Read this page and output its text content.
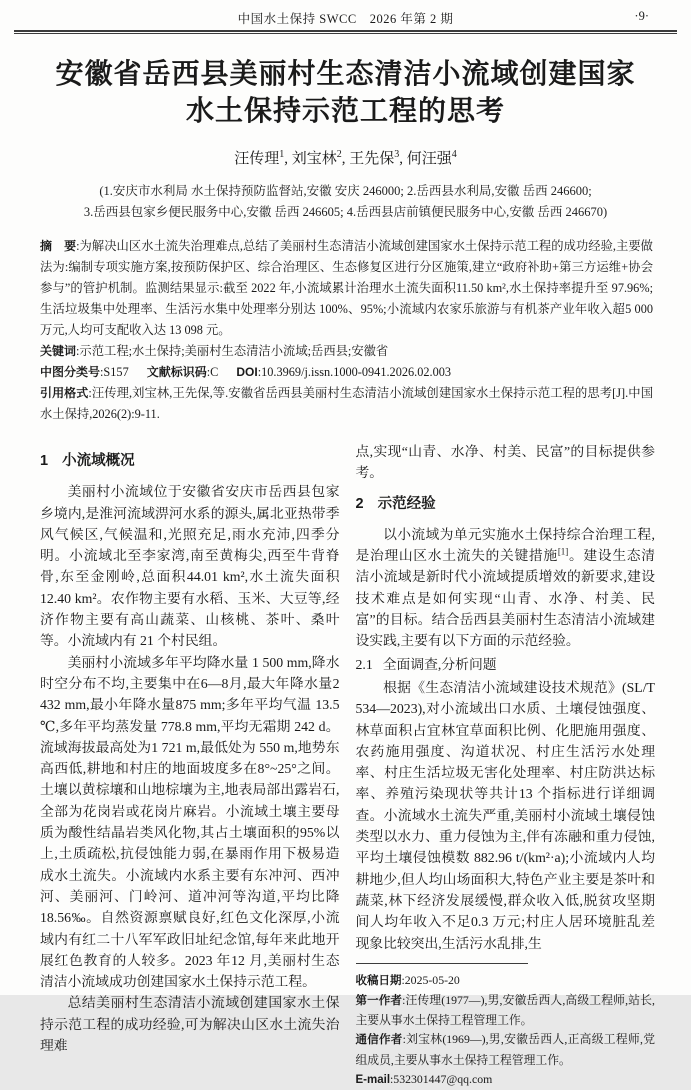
中国水土保持 SWCC　2026 年第 2 期	·9·
安徽省岳西县美丽村生态清洁小流域创建国家
水土保持示范工程的思考
汪传理$^1$, 刘宝林$^2$, 王先保$^3$, 何汪强$^4$
(1.安庆市水利局 水土保持预防监督站,安徽 安庆 246000; 2.岳西县水利局,安徽 岳西 246600;
3.岳西县包家乡便民服务中心,安徽 岳西 246605; 4.岳西县店前镇便民服务中心,安徽 岳西 246670)
摘　要:为解决山区水土流失治理难点,总结了美丽村生态清洁小流域创建国家水土保持示范工程的成功经验,主要做法为:编制专项实施方案,按预防保护区、综合治理区、生态修复区进行分区施策,建立“政府补助+第三方运维+协会参与”的管护机制。监测结果显示:截至 2022 年,小流域累计治理水土流失面积11.50 km²,水土保持率提升至 97.96%;生活垃圾集中处理率、生活污水集中处理率分别达 100%、95%;小流域内农家乐旅游与有机茶产业年收入超5 000 万元,人均可支配收入达 13 098 元。
关键词:示范工程;水土保持;美丽村生态清洁小流域;岳西县;安徽省
中图分类号:S157 文献标识码:C DOI:10.3969/j.issn.1000-0941.2026.02.003
引用格式:汪传理,刘宝林,王先保,等.安徽省岳西县美丽村生态清洁小流域创建国家水土保持示范工程的思考[J].中国水土保持,2026(2):9-11.
1 小流域概况

美丽村小流域位于安徽省安庆市岳西县包家乡境内,是淮河流域淠河水系的源头,属北亚热带季风气候区,气候温和,光照充足,雨水充沛,四季分明。小流域北至李家湾,南至黄梅尖,西至牛背脊骨,东至金刚岭,总面积44.01 km²,水土流失面积12.40 km²。农作物主要有水稻、玉米、大豆等,经济作物主要有高山蔬菜、山核桃、茶叶、桑叶等。小流域内有 21 个村民组。

美丽村小流域多年平均降水量 1 500 mm,降水时空分布不均,主要集中在6—8月,最大年降水量2 432 mm,最小年降水量875 mm;多年平均气温 13.5 ℃,多年平均蒸发量 778.8 mm,平均无霜期 242 d。流域海拔最高处为1 721 m,最低处为 550 m,地势东高西低,耕地和村庄的地面坡度多在8°~25°之间。土壤以黄棕壤和山地棕壤为主,地表局部出露岩石,全部为花岗岩或花岗片麻岩。小流域土壤主要母质为酸性结晶岩类风化物,其占土壤面积的95%以上,土质疏松,抗侵蚀能力弱,在暴雨作用下极易造成水土流失。小流域内水系主要有东冲河、西冲河、美丽河、门岭河、道冲河等沟道,平均比降 18.56‰。自然资源禀赋良好,红色文化深厚,小流域内有红二十八军军政旧址纪念馆,每年来此地开展红色教育的人较多。2023 年12 月,美丽村生态清洁小流域成功创建国家水土保持示范工程。

总结美丽村生态清洁小流域创建国家水土保持示范工程的成功经验,可为解决山区水土流失治理难

点,实现“山青、水净、村美、民富”的目标提供参考。

2 示范经验

以小流域为单元实施水土保持综合治理工程,是治理山区水土流失的关键措施[1]。建设生态清洁小流域是新时代小流域提质增效的新要求,建设技术难点是如何实现“山青、水净、村美、民富”的目标。结合岳西县美丽村生态清洁小流域建设实践,主要有以下方面的示范经验。

2.1 全面调查,分析问题

根据《生态清洁小流域建设技术规范》(SL/T 534—2023),对小流域出口水质、土壤侵蚀强度、林草面积占宜林宜草面积比例、化肥施用强度、农药施用强度、沟道状况、村庄生活污水处理率、村庄生活垃圾无害化处理率、村庄防洪达标率、养殖污染现状等共计13 个指标进行详细调查。小流域水土流失严重,美丽村小流域土壤侵蚀类型以水力、重力侵蚀为主,伴有冻融和重力侵蚀,平均土壤侵蚀模数 882.96 t/(km²·a);小流域内人均耕地少,但人均山场面积大,特色产业主要是茶叶和蔬菜,林下经济发展缓慢,群众收入低,脱贫攻坚期间人均年收入不足0.3 万元;村庄人居环境脏乱差现象比较突出,生活污水乱排,生

收稿日期:2025-05-20
第一作者:汪传理(1977—),男,安徽岳西人,高级工程师,站长,主要从事水土保持工程管理工作。
通信作者:刘宝林(1969—),男,安徽岳西人,正高级工程师,党组成员,主要从事水土保持工程管理工作。
E-mail:532301447@qq.com
